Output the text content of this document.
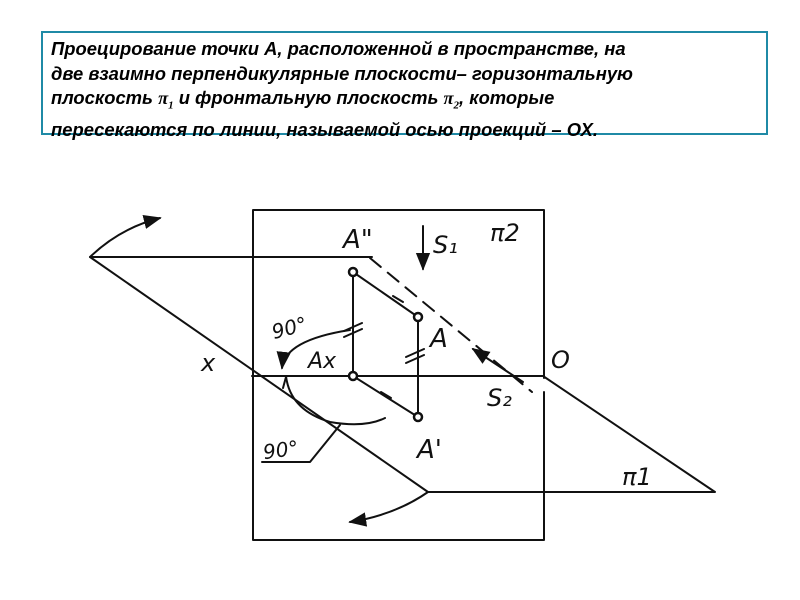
Проецирование точки А, расположенной в пространстве, на
две взаимно перпендикулярные плоскости– горизонтальную
плоскость $\pi_1$ и фронтальную плоскость $\pi_2$, которые
пересекаются по линии, называемой осью проекций – ОХ.
A"	S₁ π2
90°	A
Ax
x	O
S₂
90°	A'
π1
